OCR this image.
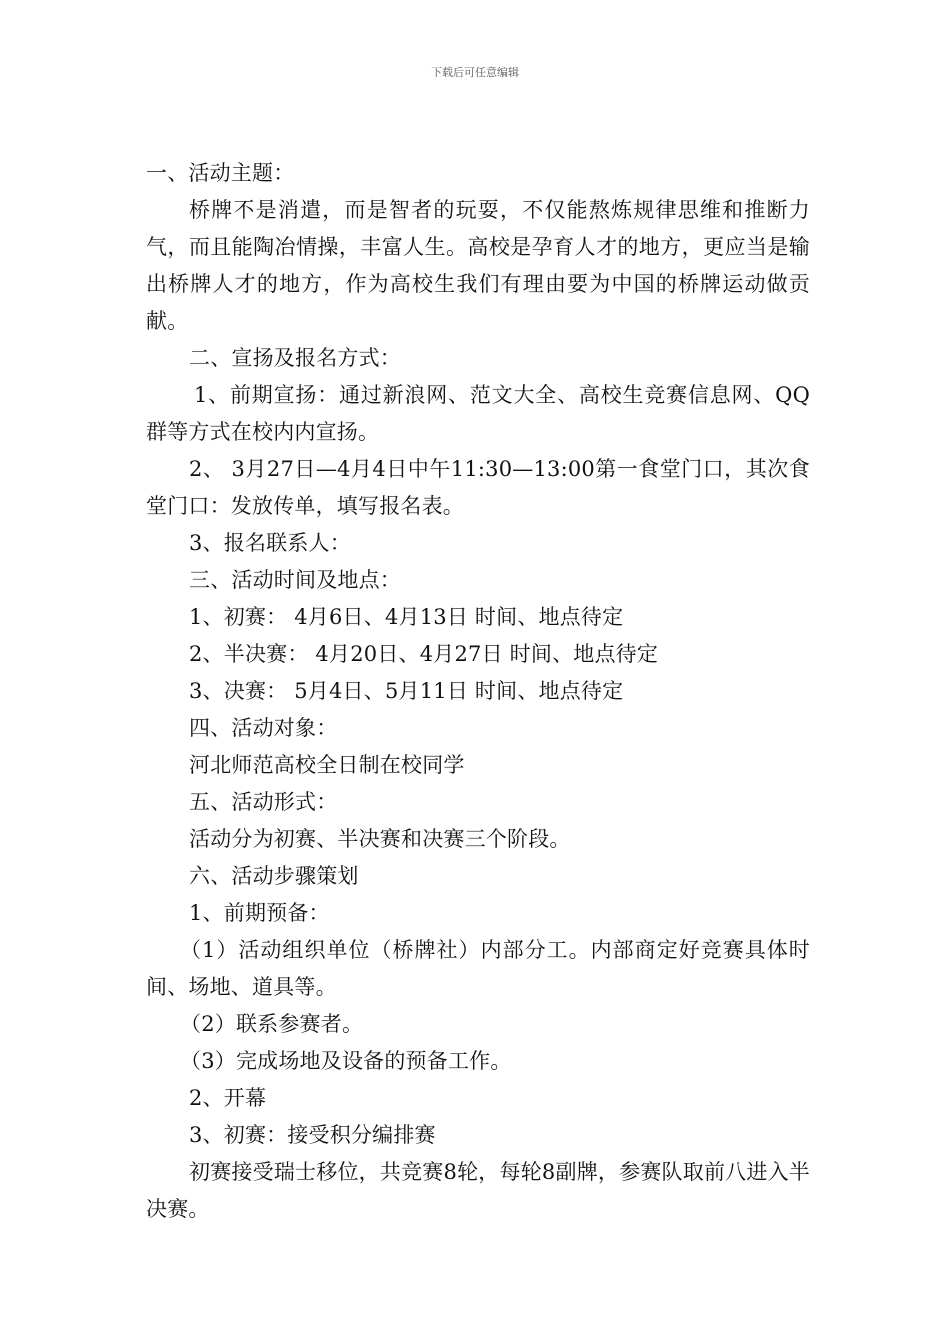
下载后可任意编辑

一、活动主题：

桥牌不是消遣，而是智者的玩耍，不仅能熬炼规律思维和推断力气，而且能陶冶情操，丰富人生。高校是孕育人才的地方，更应当是输出桥牌人才的地方，作为高校生我们有理由要为中国的桥牌运动做贡献。

二、宣扬及报名方式：

1、前期宣扬：通过新浪网、范文大全、高校生竞赛信息网、QQ群等方式在校内内宣扬。

2、 3月27日—4月4日中午11:30—13:00第一食堂门口，其次食堂门口：发放传单，填写报名表。

3、报名联系人：

三、活动时间及地点：

1、初赛： 4月6日、4月13日 时间、地点待定

2、半决赛： 4月20日、4月27日 时间、地点待定

3、决赛： 5月4日、5月11日 时间、地点待定

四、活动对象：

河北师范高校全日制在校同学

五、活动形式：

活动分为初赛、半决赛和决赛三个阶段。

六、活动步骤策划

1、前期预备：

（1）活动组织单位（桥牌社）内部分工。内部商定好竞赛具体时间、场地、道具等。

（2）联系参赛者。

（3）完成场地及设备的预备工作。

2、开幕

3、初赛：接受积分编排赛

初赛接受瑞士移位，共竞赛8轮，每轮8副牌，参赛队取前八进入半决赛。
